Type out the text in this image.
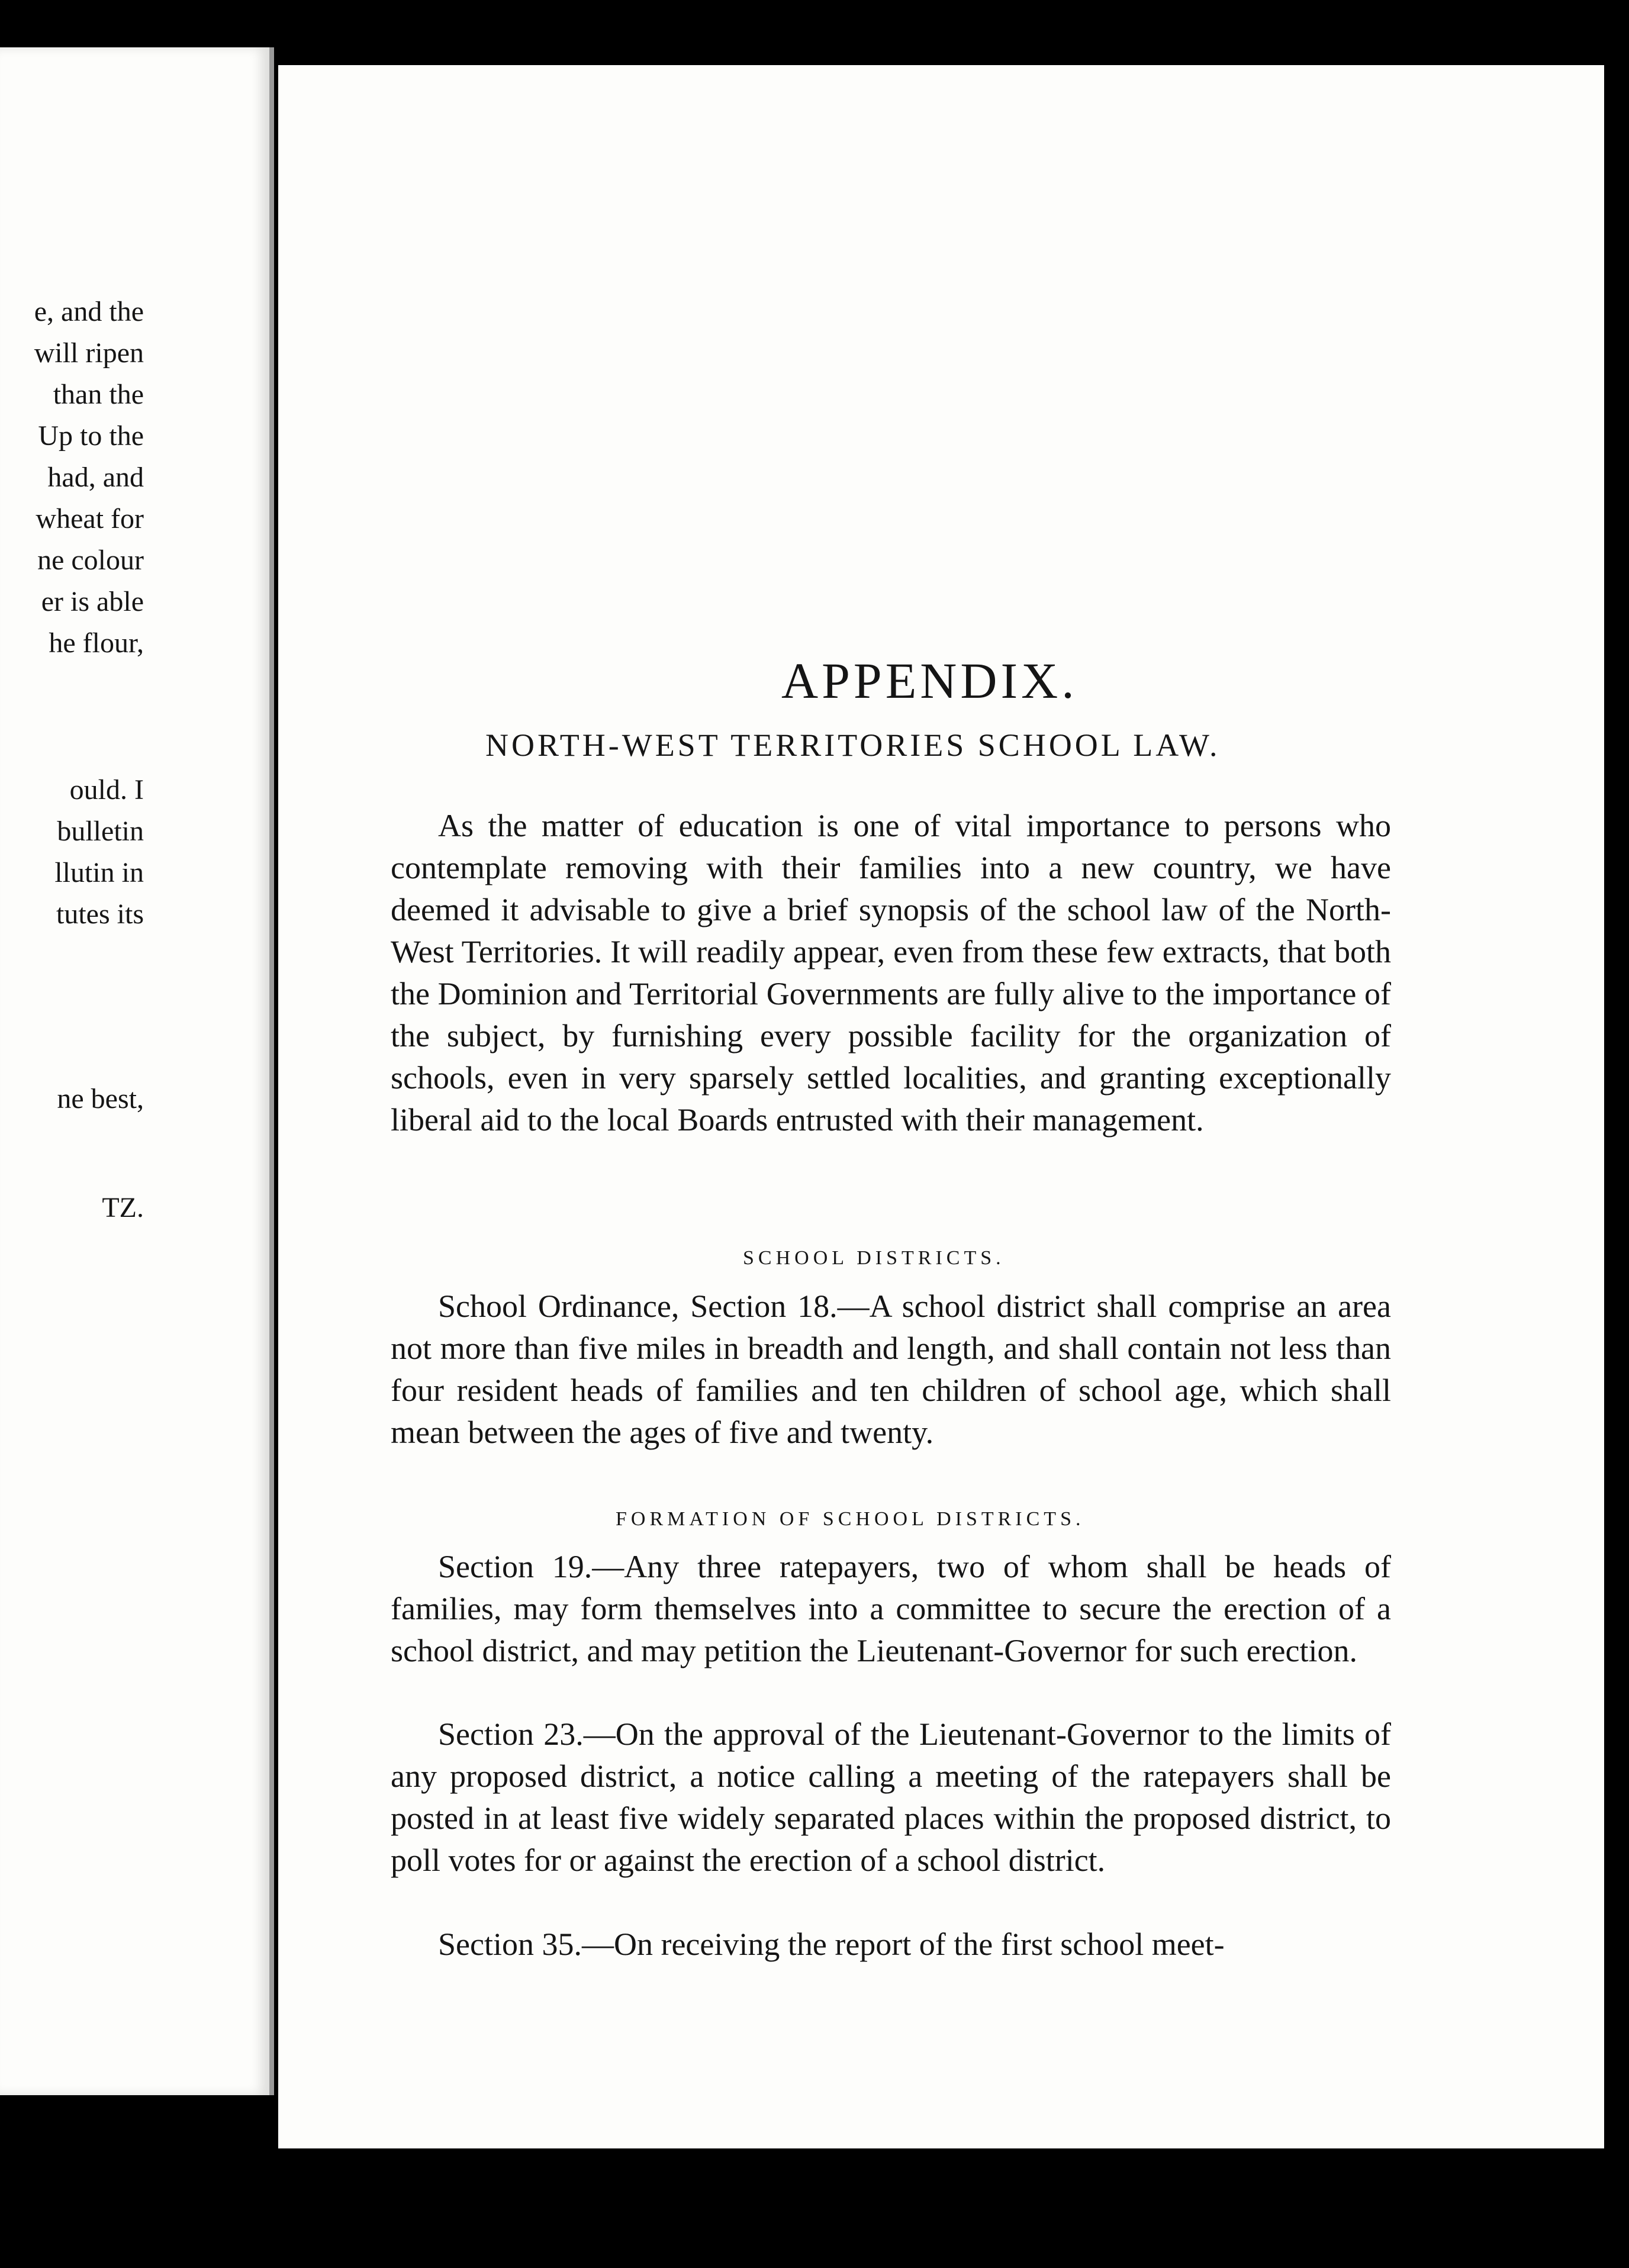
e, and the
will ripen
than the
Up to the
had, and
wheat for
ne colour
er is able
he flour,
ould. I
bulletin
llutin in
tutes its
ne best,
TZ.
APPENDIX.
NORTH-WEST TERRITORIES SCHOOL LAW.

As the matter of education is one of vital importance to persons who contemplate removing with their families into a new country, we have deemed it advisable to give a brief synopsis of the school law of the North-West Territories. It will readily appear, even from these few extracts, that both the Dominion and Territorial Governments are fully alive to the importance of the subject, by furnishing every possible facility for the organization of schools, even in very sparsely settled localities, and granting exceptionally liberal aid to the local Boards entrusted with their management.

SCHOOL DISTRICTS.

School Ordinance, Section 18.—A school district shall comprise an area not more than five miles in breadth and length, and shall contain not less than four resident heads of families and ten children of school age, which shall mean between the ages of five and twenty.

FORMATION OF SCHOOL DISTRICTS.

Section 19.—Any three ratepayers, two of whom shall be heads of families, may form themselves into a committee to secure the erection of a school district, and may petition the Lieutenant-Governor for such erection.

Section 23.—On the approval of the Lieutenant-Governor to the limits of any proposed district, a notice calling a meeting of the ratepayers shall be posted in at least five widely separated places within the proposed district, to poll votes for or against the erection of a school district.

Section 35.—On receiving the report of the first school meet-
